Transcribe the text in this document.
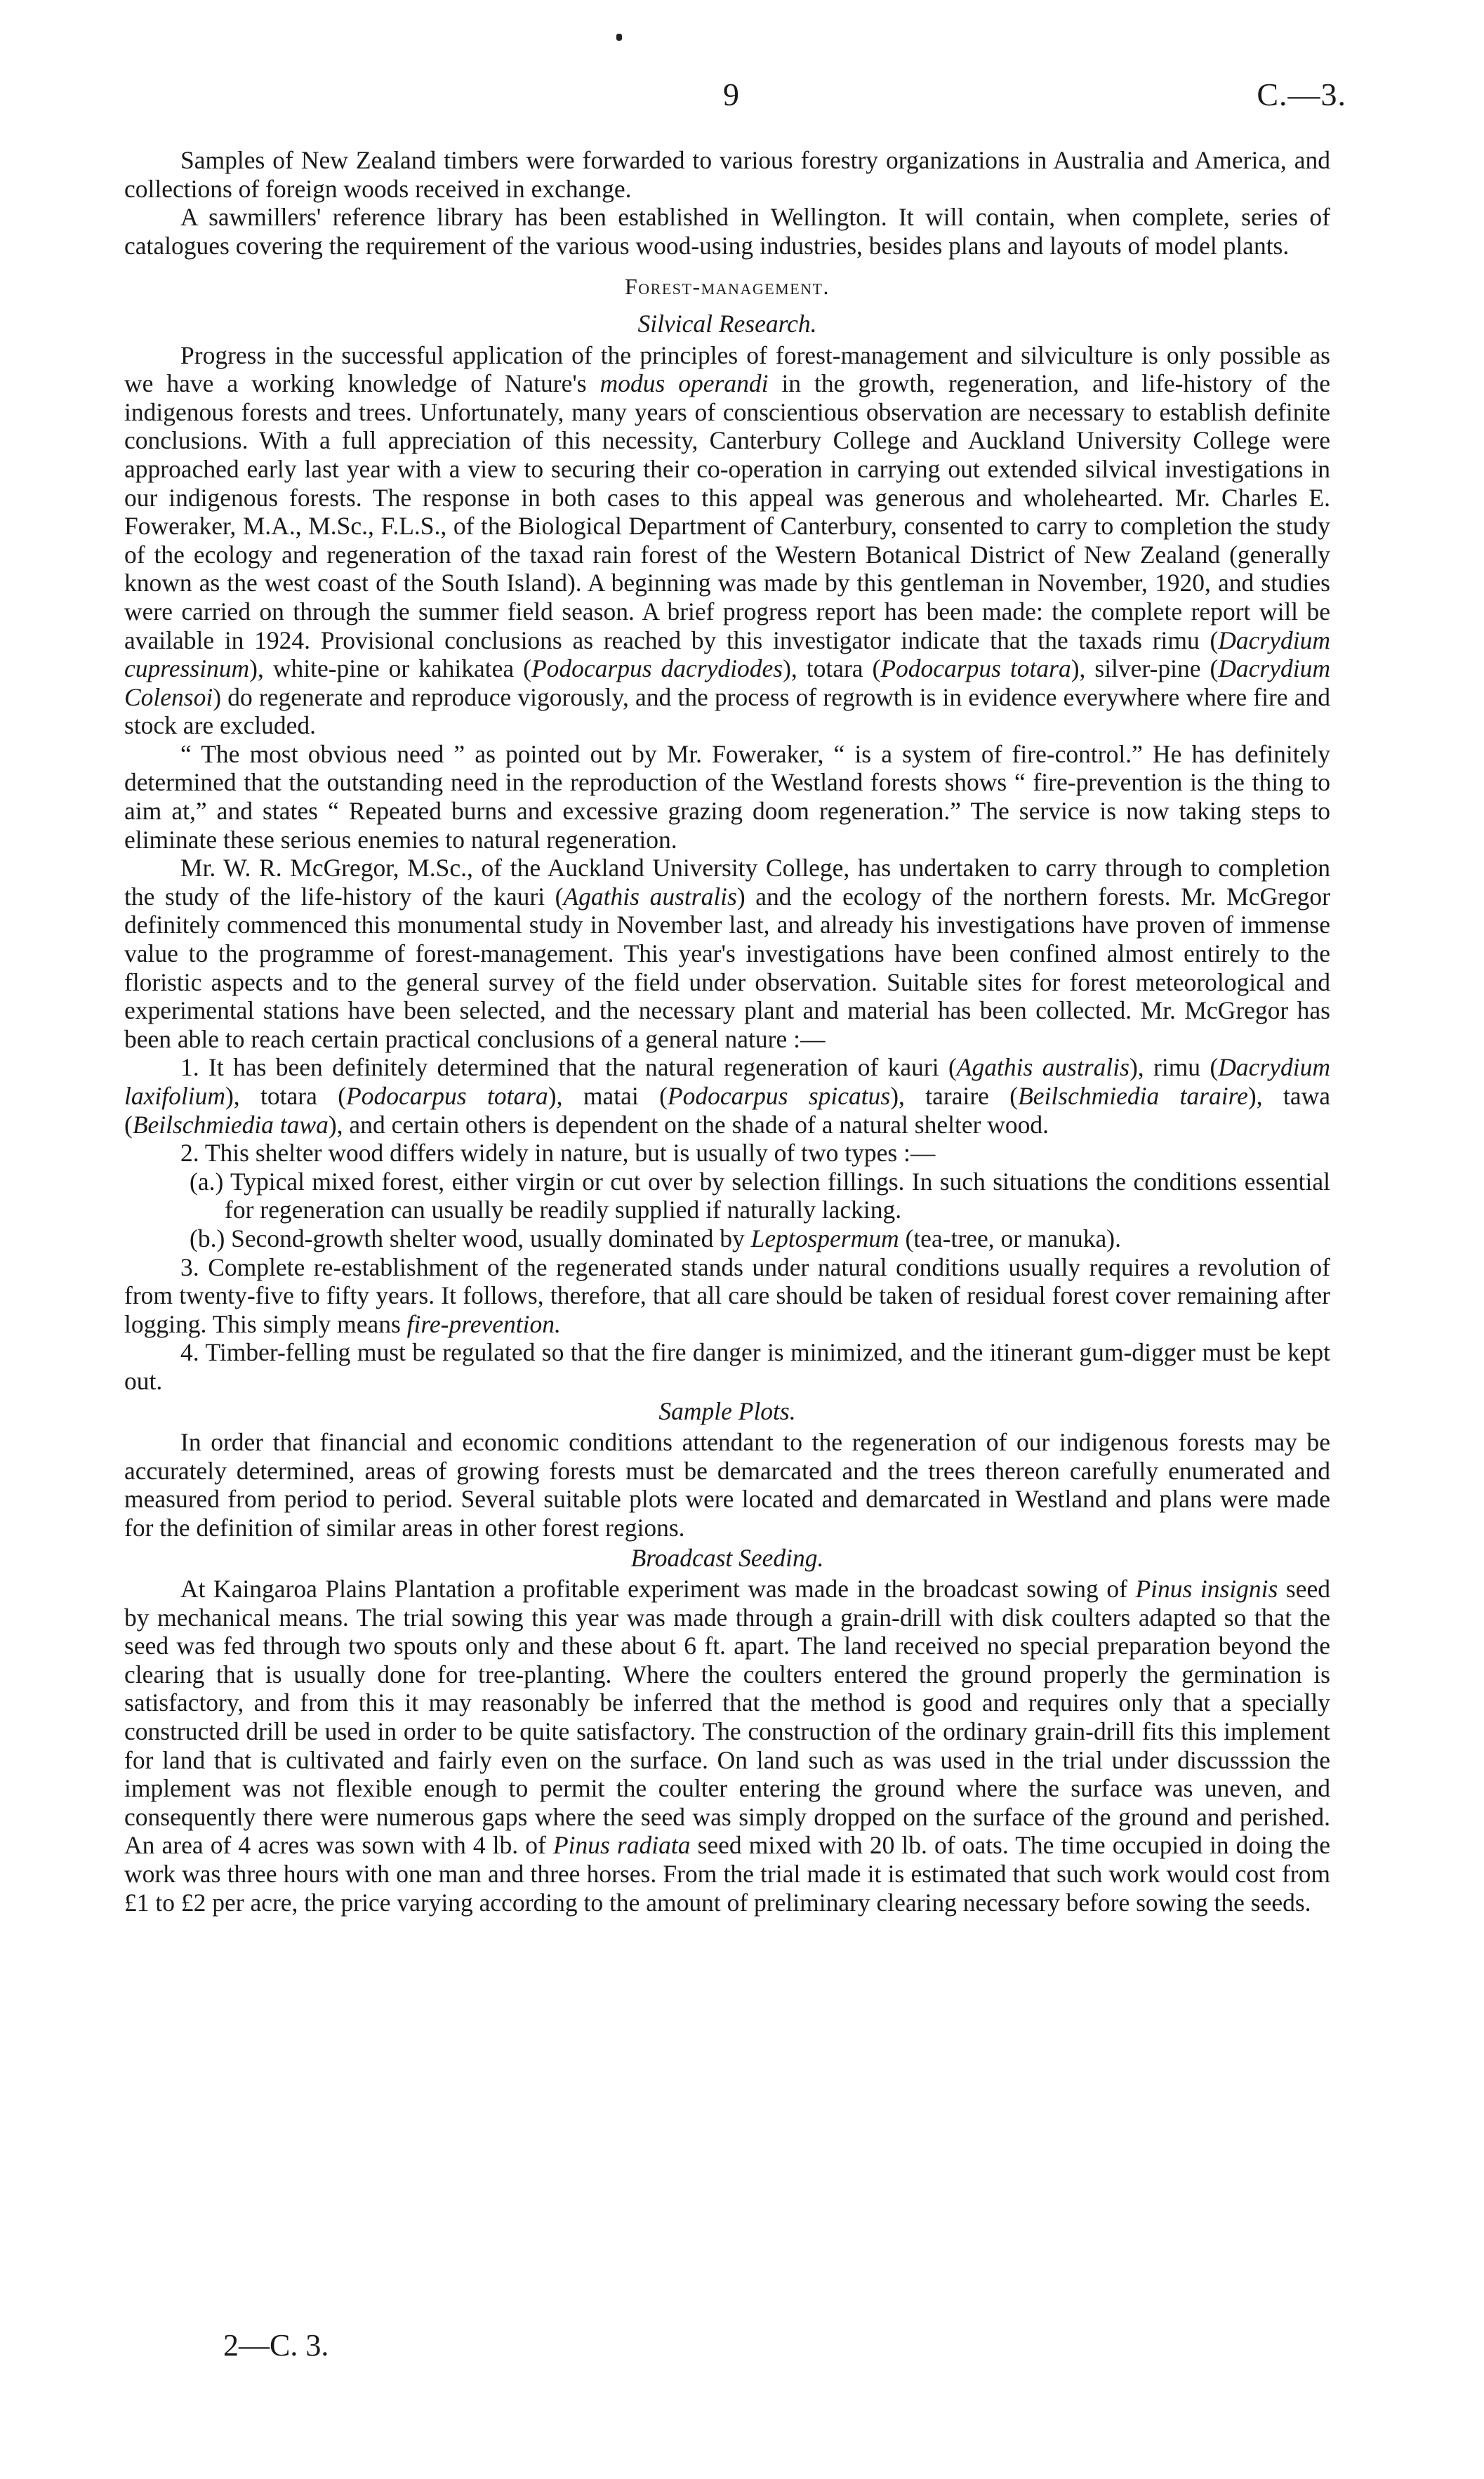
9	C.—3.

Samples of New Zealand timbers were forwarded to various forestry organizations in Australia and America, and collections of foreign woods received in exchange.

A sawmillers' reference library has been established in Wellington. It will contain, when complete, series of catalogues covering the requirement of the various wood-using industries, besides plans and layouts of model plants.

Forest-management.
Silvical Research.

Progress in the successful application of the principles of forest-management and silviculture is only possible as we have a working knowledge of Nature's modus operandi in the growth, regeneration, and life-history of the indigenous forests and trees. Unfortunately, many years of conscientious observation are necessary to establish definite conclusions. With a full appreciation of this necessity, Canterbury College and Auckland University College were approached early last year with a view to securing their co-operation in carrying out extended silvical investigations in our indigenous forests. The response in both cases to this appeal was generous and wholehearted. Mr. Charles E. Foweraker, M.A., M.Sc., F.L.S., of the Biological Department of Canterbury, consented to carry to completion the study of the ecology and regeneration of the taxad rain forest of the Western Botanical District of New Zealand (generally known as the west coast of the South Island). A beginning was made by this gentleman in November, 1920, and studies were carried on through the summer field season. A brief progress report has been made: the complete report will be available in 1924. Provisional conclusions as reached by this investigator indicate that the taxads rimu (Dacrydium cupressinum), white-pine or kahikatea (Podocarpus dacrydiodes), totara (Podocarpus totara), silver-pine (Dacrydium Colensoi) do regenerate and reproduce vigorously, and the process of regrowth is in evidence everywhere where fire and stock are excluded.

“ The most obvious need ” as pointed out by Mr. Foweraker, “ is a system of fire-control.” He has definitely determined that the outstanding need in the reproduction of the Westland forests shows “ fire-prevention is the thing to aim at,” and states “ Repeated burns and excessive grazing doom regeneration.” The service is now taking steps to eliminate these serious enemies to natural regeneration.

Mr. W. R. McGregor, M.Sc., of the Auckland University College, has undertaken to carry through to completion the study of the life-history of the kauri (Agathis australis) and the ecology of the northern forests. Mr. McGregor definitely commenced this monumental study in November last, and already his investigations have proven of immense value to the programme of forest-management. This year's investigations have been confined almost entirely to the floristic aspects and to the general survey of the field under observation. Suitable sites for forest meteorological and experimental stations have been selected, and the necessary plant and material has been collected. Mr. McGregor has been able to reach certain practical conclusions of a general nature :—

1. It has been definitely determined that the natural regeneration of kauri (Agathis australis), rimu (Dacrydium laxifolium), totara (Podocarpus totara), matai (Podocarpus spicatus), taraire (Beilschmiedia taraire), tawa (Beilschmiedia tawa), and certain others is dependent on the shade of a natural shelter wood.

2. This shelter wood differs widely in nature, but is usually of two types :—

(a.) Typical mixed forest, either virgin or cut over by selection fillings. In such situations the conditions essential for regeneration can usually be readily supplied if naturally lacking.

(b.) Second-growth shelter wood, usually dominated by Leptospermum (tea-tree, or manuka).

3. Complete re-establishment of the regenerated stands under natural conditions usually requires a revolution of from twenty-five to fifty years. It follows, therefore, that all care should be taken of residual forest cover remaining after logging. This simply means fire-prevention.

4. Timber-felling must be regulated so that the fire danger is minimized, and the itinerant gum-digger must be kept out.

Sample Plots.

In order that financial and economic conditions attendant to the regeneration of our indigenous forests may be accurately determined, areas of growing forests must be demarcated and the trees thereon carefully enumerated and measured from period to period. Several suitable plots were located and demarcated in Westland and plans were made for the definition of similar areas in other forest regions.

Broadcast Seeding.

At Kaingaroa Plains Plantation a profitable experiment was made in the broadcast sowing of Pinus insignis seed by mechanical means. The trial sowing this year was made through a grain-drill with disk coulters adapted so that the seed was fed through two spouts only and these about 6 ft. apart. The land received no special preparation beyond the clearing that is usually done for tree-planting. Where the coulters entered the ground properly the germination is satisfactory, and from this it may reasonably be inferred that the method is good and requires only that a specially constructed drill be used in order to be quite satisfactory. The construction of the ordinary grain-drill fits this implement for land that is cultivated and fairly even on the surface. On land such as was used in the trial under discusssion the implement was not flexible enough to permit the coulter entering the ground where the surface was uneven, and consequently there were numerous gaps where the seed was simply dropped on the surface of the ground and perished. An area of 4 acres was sown with 4 lb. of Pinus radiata seed mixed with 20 lb. of oats. The time occupied in doing the work was three hours with one man and three horses. From the trial made it is estimated that such work would cost from £1 to £2 per acre, the price varying according to the amount of preliminary clearing necessary before sowing the seeds.

2—C. 3.
